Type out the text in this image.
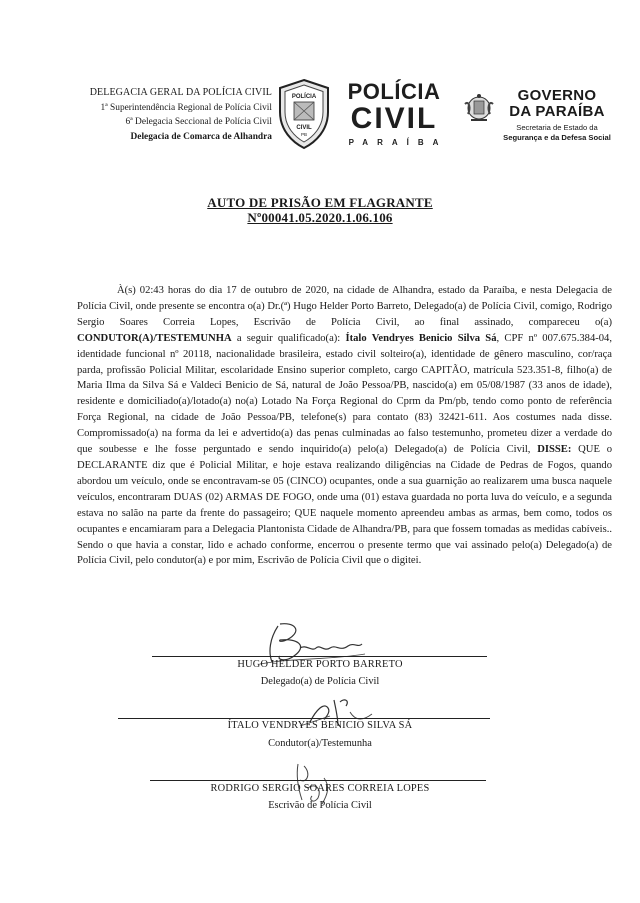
DELEGACIA GERAL DA POLÍCIA CIVIL
1ª Superintendência Regional de Polícia Civil
6ª Delegacia Seccional de Polícia Civil
Delegacia de Comarca de Alhandra
POLÍCIA
CIVIL
PB
POLÍCIA
CIVIL
PARAÍBA
GOVERNO
DA PARAÍBA
Secretaria de Estado da
Segurança e da Defesa Social
AUTO DE PRISÃO EM FLAGRANTE
Nº00041.05.2020.1.06.106

À(s) 02:43 horas do dia 17 de outubro de 2020, na cidade de Alhandra, estado da Paraíba, e nesta Delegacia de Polícia Civil, onde presente se encontra o(a) Dr.(ª) Hugo Helder Porto Barreto, Delegado(a) de Polícia Civil, comigo, Rodrigo Sergio Soares Correia Lopes, Escrivão de Polícia Civil, ao final assinado, compareceu o(a) CONDUTOR(A)/TESTEMUNHA a seguir qualificado(a): Ítalo Vendryes Benicio Silva Sá, CPF nº 007.675.384-04, identidade funcional nº 20118, nacionalidade brasileira, estado civil solteiro(a), identidade de gênero masculino, cor/raça parda, profissão Policial Militar, escolaridade Ensino superior completo, cargo CAPITÃO, matrícula 523.351-8, filho(a) de Maria Ilma da Silva Sá e Valdeci Benicio de Sá, natural de João Pessoa/PB, nascido(a) em 05/08/1987 (33 anos de idade), residente e domiciliado(a)/lotado(a) no(a) Lotado Na Força Regional do Cprm da Pm/pb, tendo como ponto de referência Força Regional, na cidade de João Pessoa/PB, telefone(s) para contato (83) 32421-611. Aos costumes nada disse. Compromissado(a) na forma da lei e advertido(a) das penas culminadas ao falso testemunho, prometeu dizer a verdade do que soubesse e lhe fosse perguntado e sendo inquirido(a) pelo(a) Delegado(a) de Polícia Civil, DISSE: QUE o DECLARANTE diz que é Policial Militar, e hoje estava realizando diligências na Cidade de Pedras de Fogos, quando abordou um veículo, onde se encontravam-se 05 (CINCO) ocupantes, onde a sua guarnição ao realizarem uma busca naquele veículos, encontraram DUAS (02) ARMAS DE FOGO, onde uma (01) estava guardada no porta luva do veículo, e a segunda estava no salão na parte da frente do passageiro; QUE naquele momento apreendeu ambas as armas, bem como, todos os ocupantes e encamiaram para a Delegacia Plantonista Cidade de Alhandra/PB, para que fossem tomadas as medidas cabíveis.. Sendo o que havia a constar, lido e achado conforme, encerrou o presente termo que vai assinado pelo(a) Delegado(a) de Polícia Civil, pelo condutor(a) e por mim, Escrivão de Polícia Civil que o digitei.

HUGO HELDER PORTO BARRETO
Delegado(a) de Polícia Civil
ÍTALO VENDRYES BENICIO SILVA SÁ
Condutor(a)/Testemunha
RODRIGO SERGIO SOARES CORREIA LOPES
Escrivão de Polícia Civil
